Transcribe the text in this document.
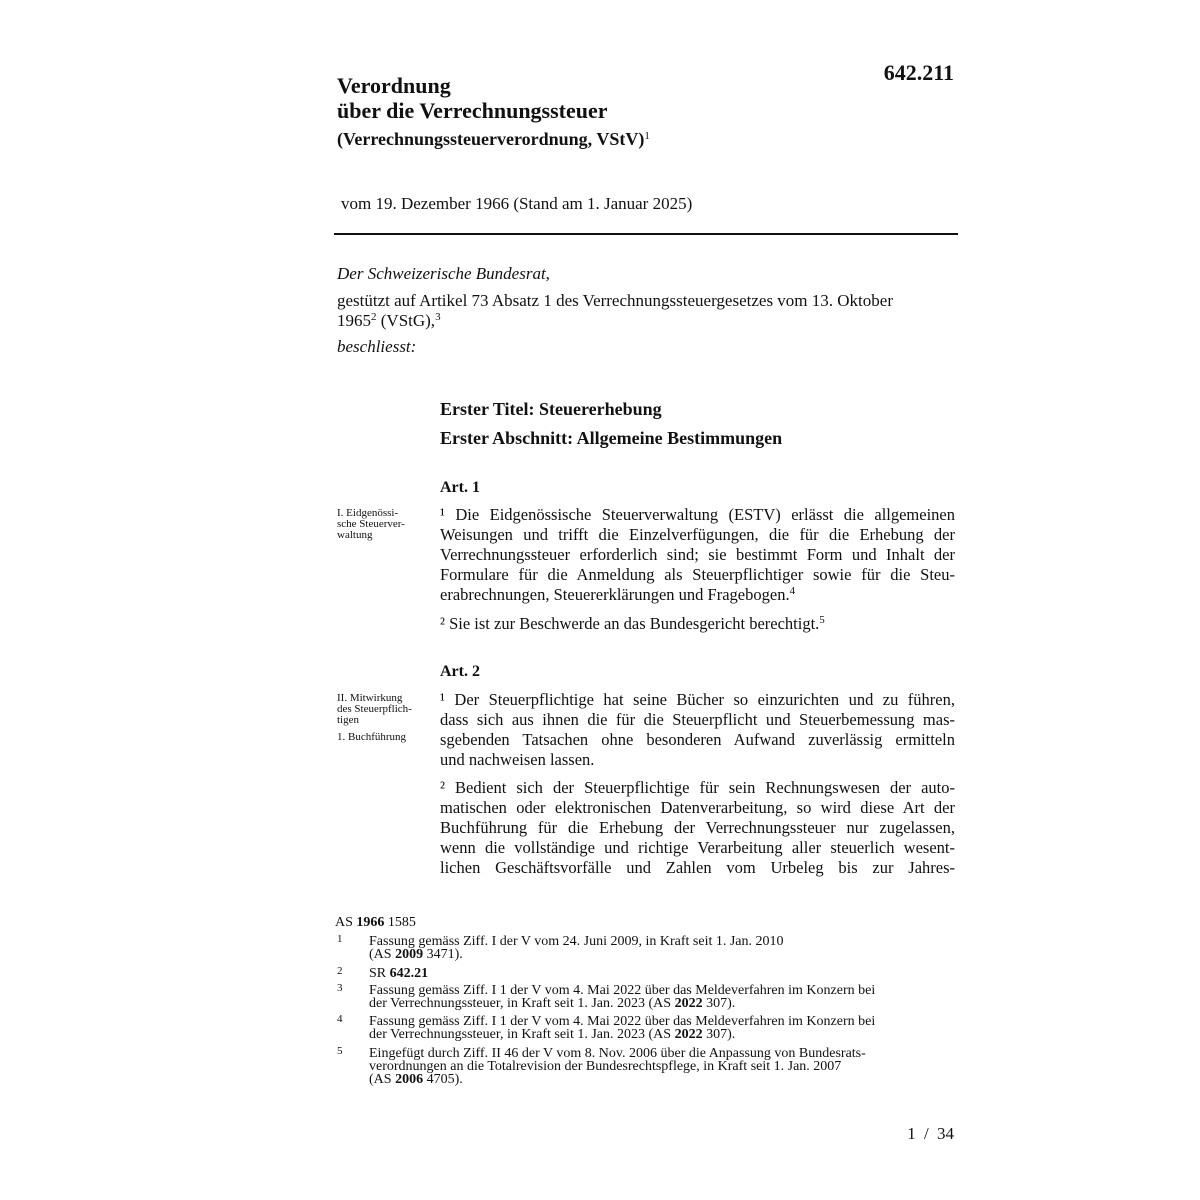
642.211
Verordnung
über die Verrechnungssteuer
(Verrechnungssteuerverordnung, VStV)$^1$
vom 19. Dezember 1966 (Stand am 1. Januar 2025)
Der Schweizerische Bundesrat,
gestützt auf Artikel 73 Absatz 1 des Verrechnungssteuergesetzes vom 13. Oktober
1965$^2$ (VStG),$^3$
beschliesst:
Erster Titel: Steuererhebung
Erster Abschnitt: Allgemeine Bestimmungen
Art. 1
I. Eidgenössi-
sche Steuerver-
waltung
¹ Die Eidgenössische Steuerverwaltung (ESTV) erlässt die allgemeinen
Weisungen und trifft die Einzelverfügungen, die für die Erhebung der
Verrechnungssteuer erforderlich sind; sie bestimmt Form und Inhalt der
Formulare für die Anmeldung als Steuerpflichtiger sowie für die Steu-
erabrechnungen, Steuererklärungen und Fragebogen.$^4$
² Sie ist zur Beschwerde an das Bundesgericht berechtigt.$^5$
Art. 2
II. Mitwirkung
des Steuerpflich-
tigen
1. Buchführung
¹ Der Steuerpflichtige hat seine Bücher so einzurichten und zu führen,
dass sich aus ihnen die für die Steuerpflicht und Steuerbemessung mas-
sgebenden Tatsachen ohne besonderen Aufwand zuverlässig ermitteln
und nachweisen lassen.
² Bedient sich der Steuerpflichtige für sein Rechnungswesen der auto-
matischen oder elektronischen Datenverarbeitung, so wird diese Art der
Buchführung für die Erhebung der Verrechnungssteuer nur zugelassen,
wenn die vollständige und richtige Verarbeitung aller steuerlich wesent-
lichen Geschäftsvorfälle und Zahlen vom Urbeleg bis zur Jahres-
AS 1966 1585
1 Fassung gemäss Ziff. I der V vom 24. Juni 2009, in Kraft seit 1. Jan. 2010
(AS 2009 3471).
2 SR 642.21
3 Fassung gemäss Ziff. I 1 der V vom 4. Mai 2022 über das Meldeverfahren im Konzern bei
der Verrechnungssteuer, in Kraft seit 1. Jan. 2023 (AS 2022 307).
4 Fassung gemäss Ziff. I 1 der V vom 4. Mai 2022 über das Meldeverfahren im Konzern bei
der Verrechnungssteuer, in Kraft seit 1. Jan. 2023 (AS 2022 307).
5 Eingefügt durch Ziff. II 46 der V vom 8. Nov. 2006 über die Anpassung von Bundesrats-
verordnungen an die Totalrevision der Bundesrechtspflege, in Kraft seit 1. Jan. 2007
(AS 2006 4705).
1 / 34
